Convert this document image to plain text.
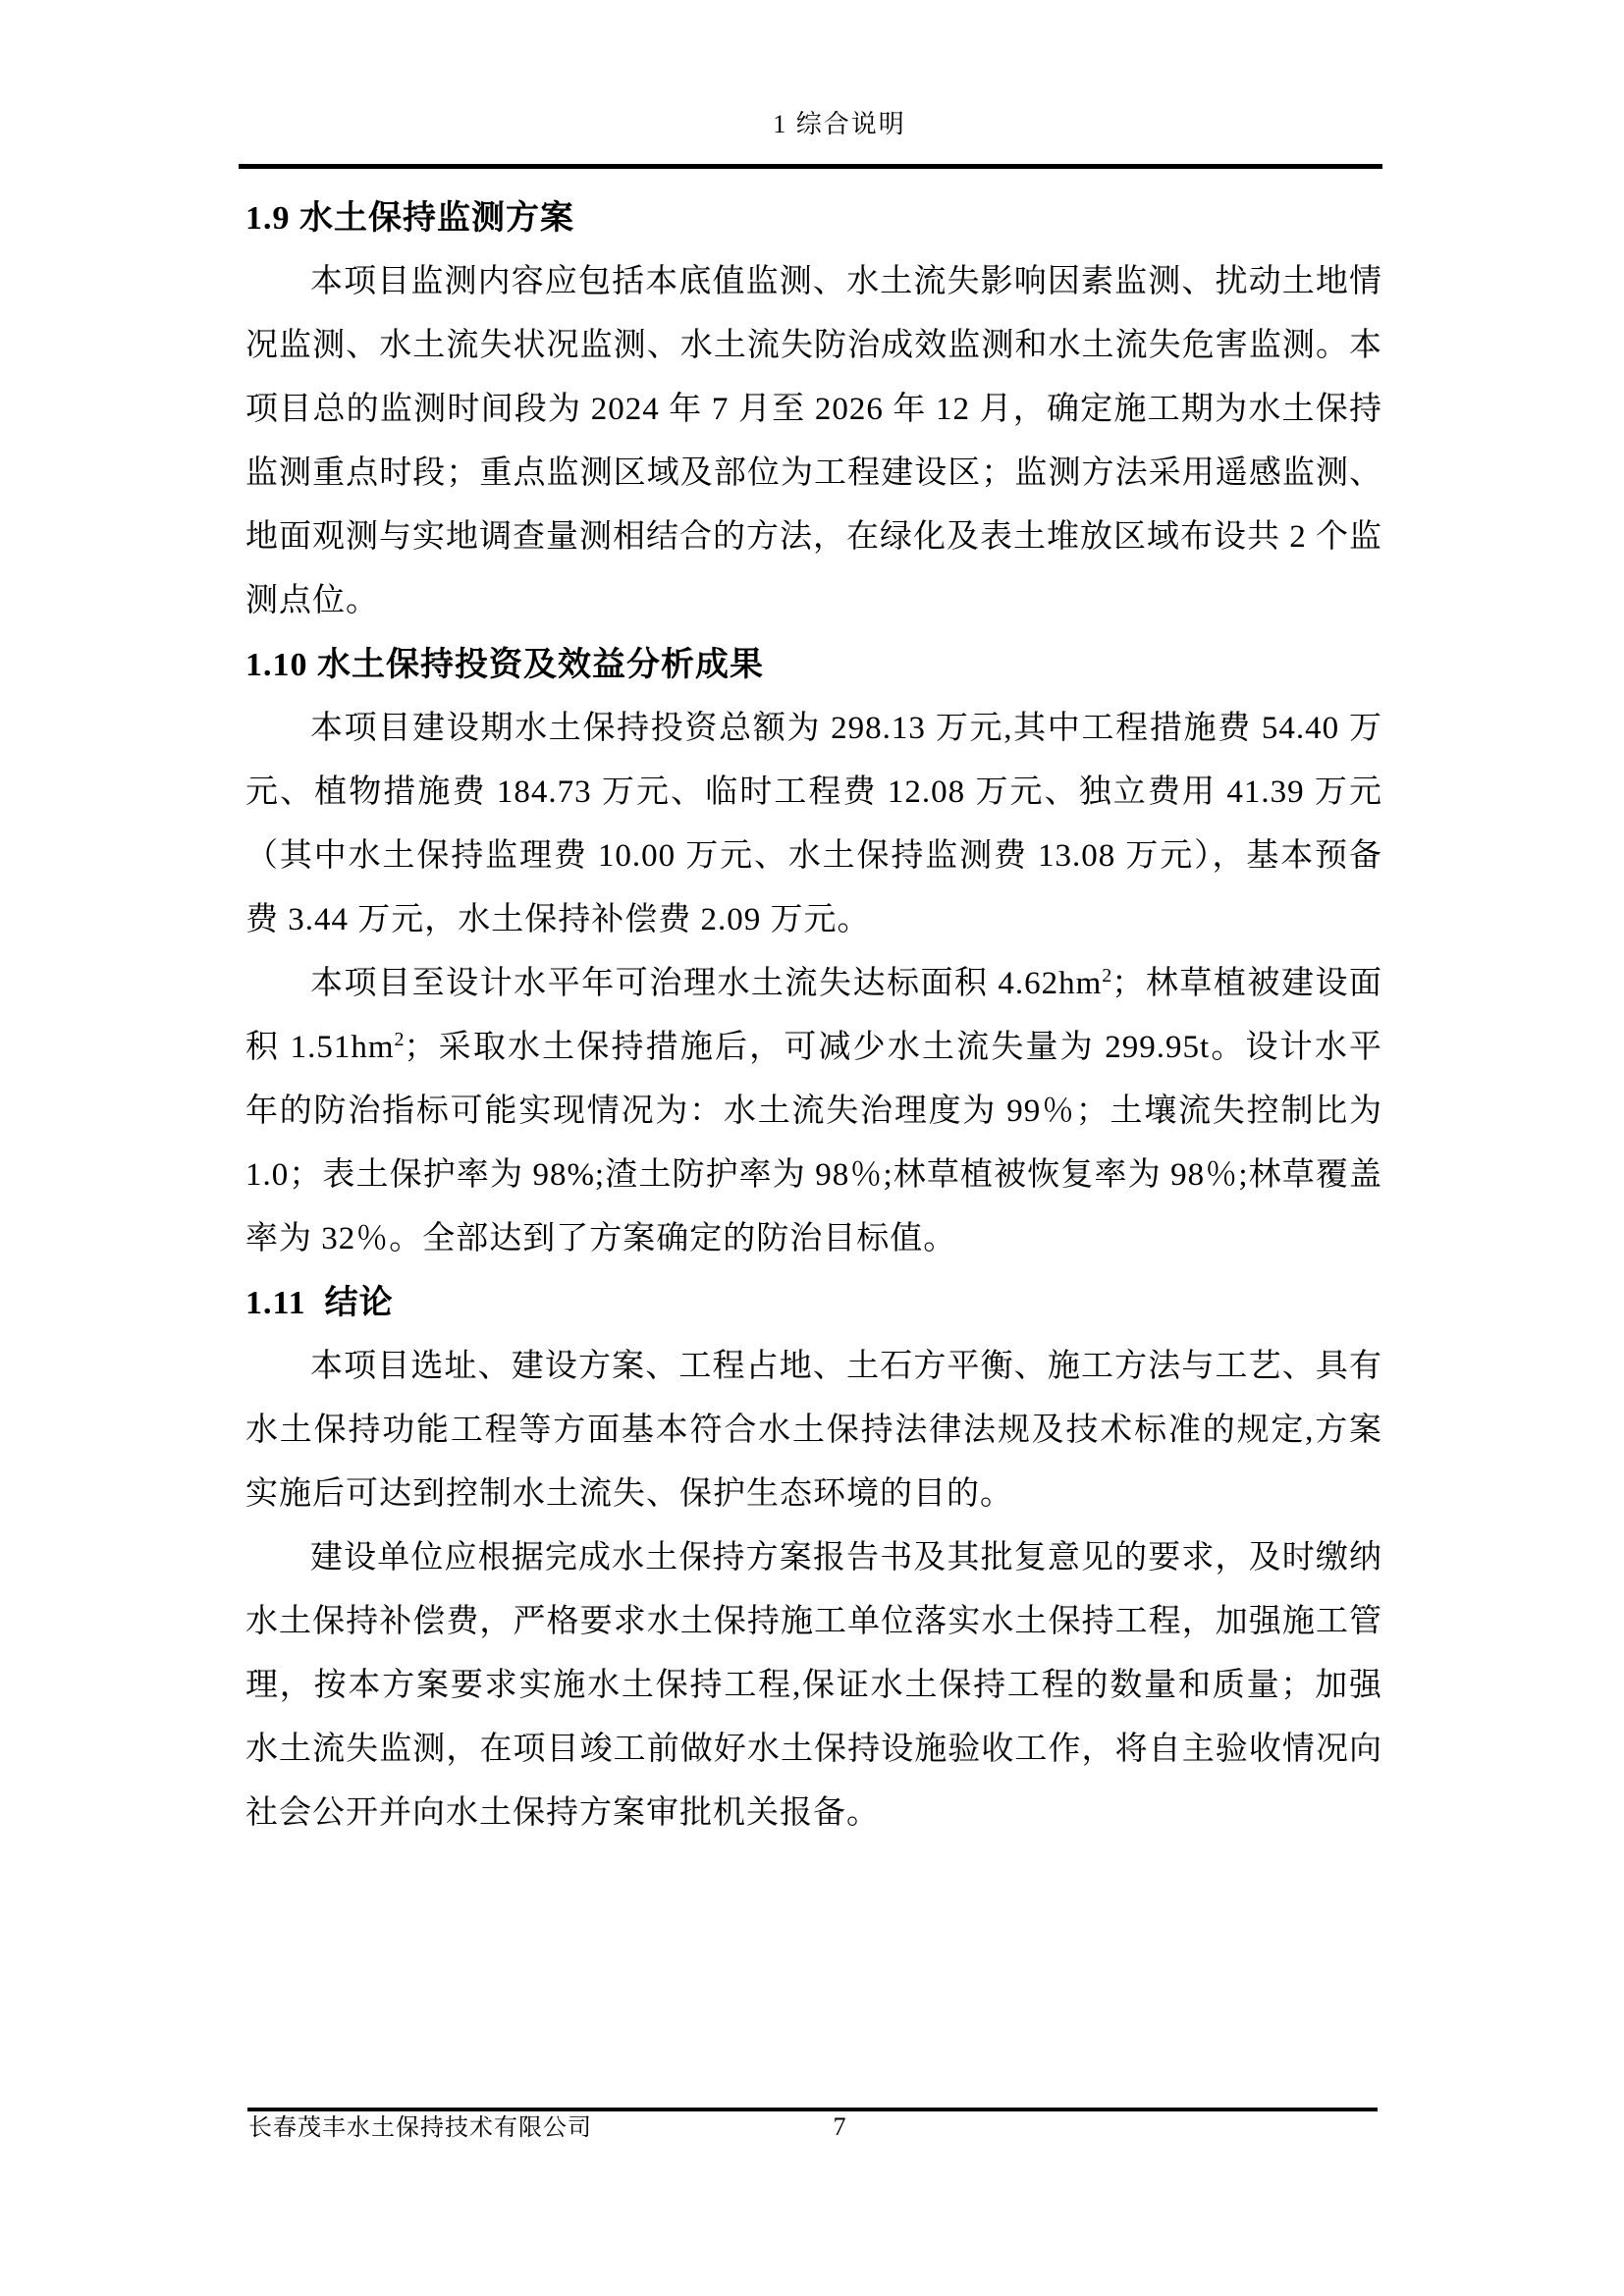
1 综合说明
1.9 水土保持监测方案

本项目监测内容应包括本底值监测、水土流失影响因素监测、扰动土地情况监测、水土流失状况监测、水土流失防治成效监测和水土流失危害监测。本项目总的监测时间段为 2024 年 7 月至 2026 年 12 月，确定施工期为水土保持监测重点时段；重点监测区域及部位为工程建设区；监测方法采用遥感监测、地面观测与实地调查量测相结合的方法，在绿化及表土堆放区域布设共 2 个监测点位。

1.10 水土保持投资及效益分析成果

本项目建设期水土保持投资总额为 298.13 万元,其中工程措施费 54.40 万元、植物措施费 184.73 万元、临时工程费 12.08 万元、独立费用 41.39 万元（其中水土保持监理费 10.00 万元、水土保持监测费 13.08 万元），基本预备费 3.44 万元，水土保持补偿费 2.09 万元。

本项目至设计水平年可治理水土流失达标面积 $4.62hm^2$；林草植被建设面积 $1.51hm^2$；采取水土保持措施后，可减少水土流失量为 299.95t。设计水平年的防治指标可能实现情况为：水土流失治理度为 99％；土壤流失控制比为 1.0；表土保护率为 98%;渣土防护率为 98％;林草植被恢复率为 98％;林草覆盖率为 32％。全部达到了方案确定的防治目标值。

1.11  结论

本项目选址、建设方案、工程占地、土石方平衡、施工方法与工艺、具有水土保持功能工程等方面基本符合水土保持法律法规及技术标准的规定,方案实施后可达到控制水土流失、保护生态环境的目的。

建设单位应根据完成水土保持方案报告书及其批复意见的要求，及时缴纳水土保持补偿费，严格要求水土保持施工单位落实水土保持工程，加强施工管理，按本方案要求实施水土保持工程,保证水土保持工程的数量和质量；加强水土流失监测，在项目竣工前做好水土保持设施验收工作，将自主验收情况向社会公开并向水土保持方案审批机关报备。

长春茂丰水土保持技术有限公司	7
